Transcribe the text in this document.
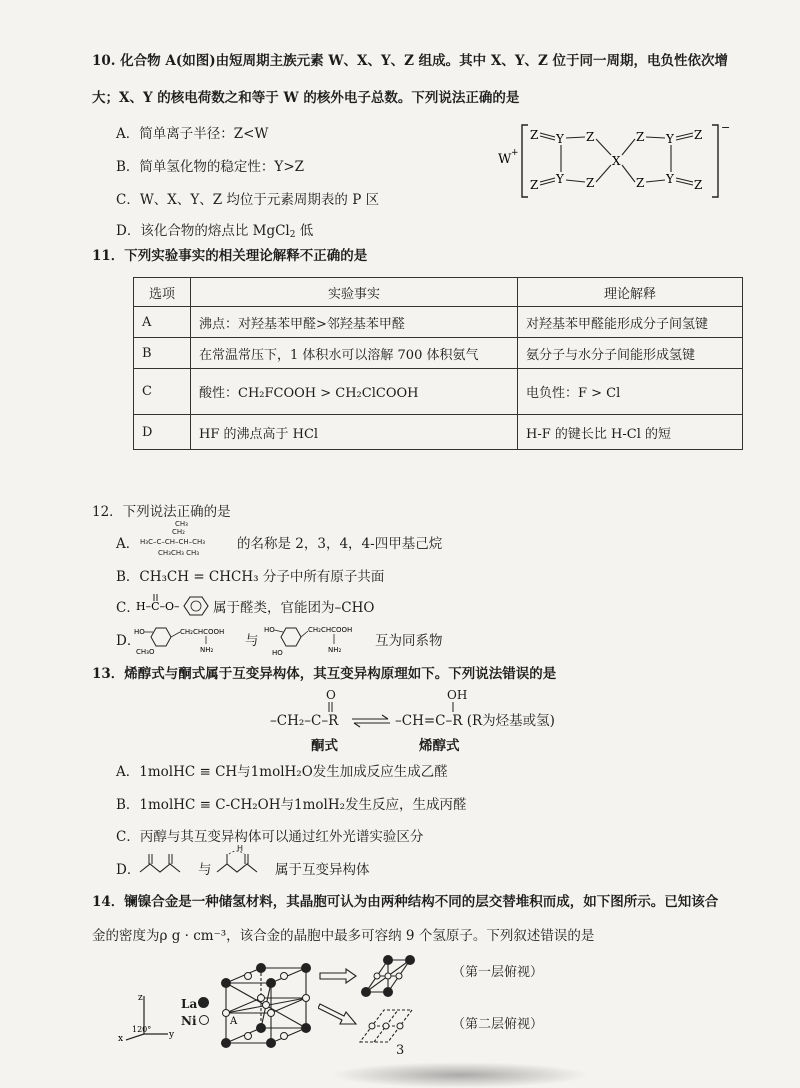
10. 化合物 A(如图)由短周期主族元素 W、X、Y、Z 组成。其中 X、Y、Z 位于同一周期，电负性依次增
大；X、Y 的核电荷数之和等于 W 的核外电子总数。下列说法正确的是
A．简单离子半径：Z<W
B．简单氢化物的稳定性：Y>Z
C．W、X、Y、Z 均位于元素周期表的 P 区
D．该化合物的熔点比 MgCl$_2$ 低
W +
−
Z Y Z
Z Y Z
X
Z Y Z
Z Y Z
11．下列实验事实的相关理论解释不正确的是
选项	实验事实	理论解释
A	沸点：对羟基苯甲醛>邻羟基苯甲醛	对羟基苯甲醛能形成分子间氢键
B	在常温常压下，1 体积水可以溶解 700 体积氨气	氨分子与水分子间能形成氢键
C	酸性：CH₂FCOOH > CH₂ClCOOH	电负性：F > Cl
D	HF 的沸点高于 HCl	H-F 的键长比 H-Cl 的短
12．下列说法正确的是
A．
CH₃
CH₂
H₃C–C–CH–CH–CH₃
CH₃CH₃ CH₃
的名称是 2，3，4，4-四甲基己烷
B．CH₃CH = CHCH₃ 分子中所有原子共面
C．
H–C–O– 属于醛类，官能团为–CHO
D．
HO	CH₂CHCOOH
CH₃O	NH₂
与
HO	CH₂CHCOOH
HO	NH₂
互为同系物
13．烯醇式与酮式属于互变异构体，其互变异构原理如下。下列说法错误的是
O	OH
–CH₂–C–R ⇌ –CH=C–R (R为烃基或氢)
酮式	烯醇式
A．1molHC ≡ CH与1molH₂O发生加成反应生成乙醛
B．1molHC ≡ C-CH₂OH与1molH₂发生反应，生成丙醛
C．丙醇与其互变异构体可以通过红外光谱实验区分
D．	与
H
属于互变异构体
14．镧镍合金是一种储氢材料，其晶胞可认为由两种结构不同的层交替堆积而成，如下图所示。已知该合
金的密度为ρ g · cm⁻³，该合金的晶胞中最多可容纳 9 个氢原子。下列叙述错误的是
La
Ni
z
y
x
120°
A
（第一层俯视）
（第二层俯视）
3
